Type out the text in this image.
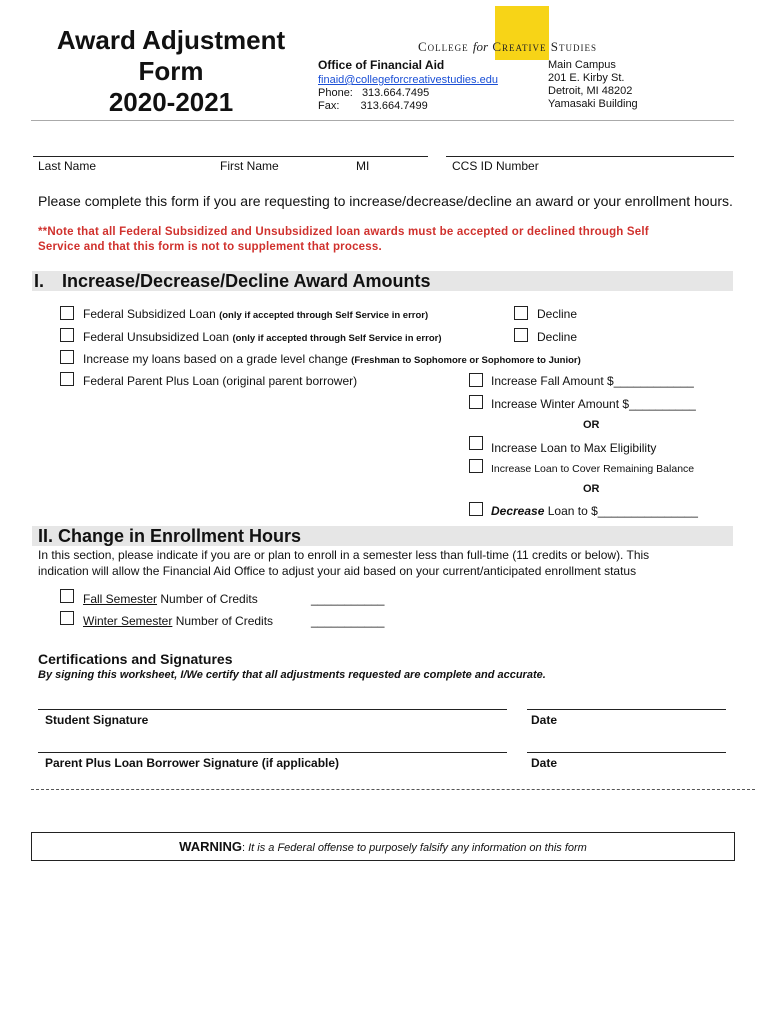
Award Adjustment
Form
2020-2021
College for Creative Studies
Office of Financial Aid
finaid@collegeforcreativestudies.edu
Phone: 313.664.7495
Fax: 313.664.7499
Main Campus
201 E. Kirby St.
Detroit, MI 48202
Yamasaki Building
Last Name	First Name	MI	CCS ID Number
Please complete this form if you are requesting to increase/decrease/decline an award or your enrollment hours.
**Note that all Federal Subsidized and Unsubsidized loan awards must be accepted or declined through Self
Service and that this form is not to supplement that process.
I. Increase/Decrease/Decline Award Amounts
Federal Subsidized Loan (only if accepted through Self Service in error)	Decline
Federal Unsubsidized Loan (only if accepted through Self Service in error)	Decline
Increase my loans based on a grade level change (Freshman to Sophomore or Sophomore to Junior)
Federal Parent Plus Loan (original parent borrower)	Increase Fall Amount $____________
Increase Winter Amount $__________
OR
Increase Loan to Max Eligibility
Increase Loan to Cover Remaining Balance
OR
Decrease Loan to $_______________
II. Change in Enrollment Hours
In this section, please indicate if you are or plan to enroll in a semester less than full-time (11 credits or below). This
indication will allow the Financial Aid Office to adjust your aid based on your current/anticipated enrollment status
Fall Semester Number of Credits	___________
Winter Semester Number of Credits	___________
Certifications and Signatures
By signing this worksheet, I/We certify that all adjustments requested are complete and accurate.
Student Signature	Date
Parent Plus Loan Borrower Signature (if applicable)	Date
WARNING: It is a Federal offense to purposely falsify any information on this form
